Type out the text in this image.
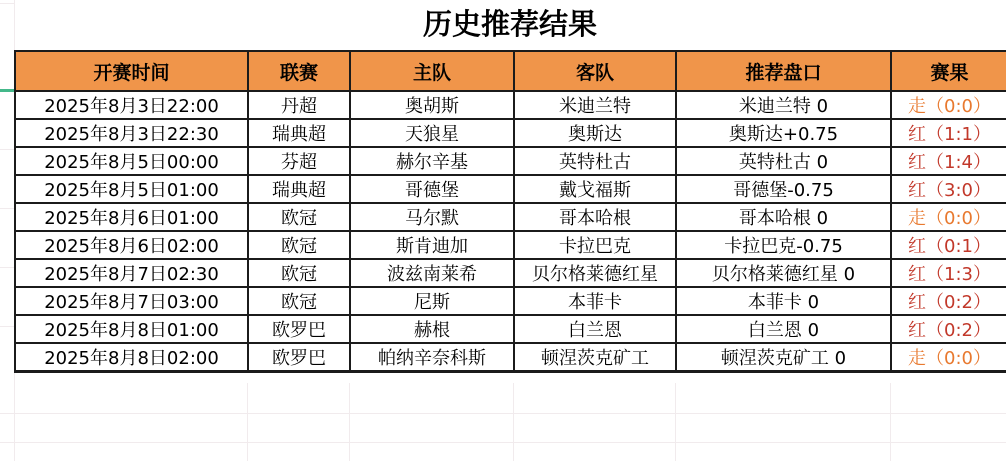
历史推荐结果
开赛时间	联赛	主队	客队	推荐盘口	赛果
2025年8月3日22:00	丹超	奥胡斯	米迪兰特	米迪兰特 0	走（0:0）
2025年8月3日22:30	瑞典超	天狼星	奥斯达	奥斯达+0.75	红（1:1）
2025年8月5日00:00	芬超	赫尔辛基	英特杜古	英特杜古 0	红（1:4）
2025年8月5日01:00	瑞典超	哥德堡	戴戈福斯	哥德堡-0.75	红（3:0）
2025年8月6日01:00	欧冠	马尔默	哥本哈根	哥本哈根 0	走（0:0）
2025年8月6日02:00	欧冠	斯肯迪加	卡拉巴克	卡拉巴克-0.75	红（0:1）
2025年8月7日02:30	欧冠	波兹南莱希	贝尔格莱德红星	贝尔格莱德红星 0	红（1:3）
2025年8月7日03:00	欧冠	尼斯	本菲卡	本菲卡 0	红（0:2）
2025年8月8日01:00	欧罗巴	赫根	白兰恩	白兰恩 0	红（0:2）
2025年8月8日02:00	欧罗巴	帕纳辛奈科斯	顿涅茨克矿工	顿涅茨克矿工 0	走（0:0）
